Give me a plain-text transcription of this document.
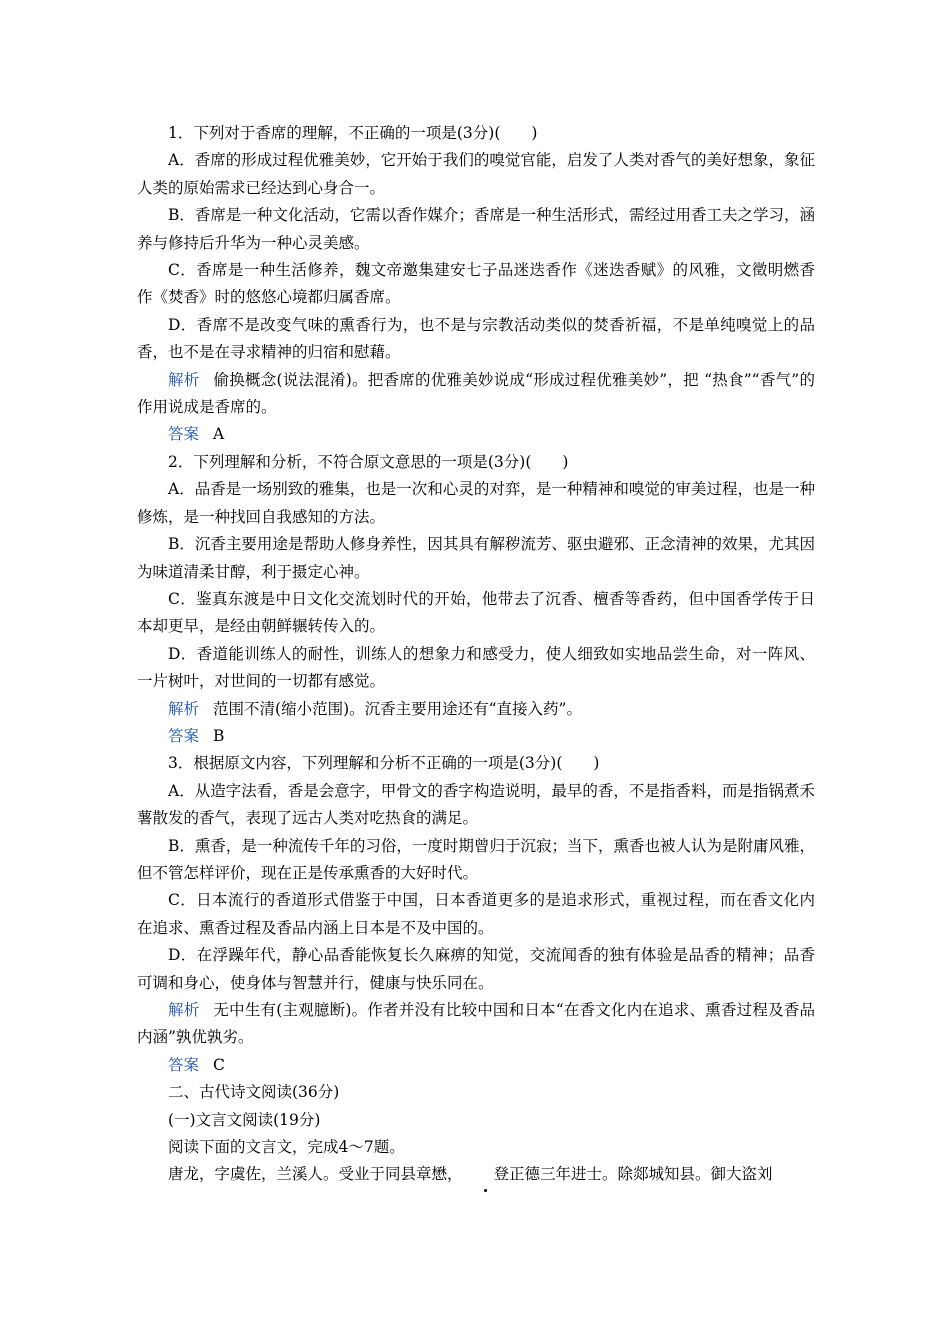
1．下列对于香席的理解，不正确的一项是(3分)(　　)

A．香席的形成过程优雅美妙，它开始于我们的嗅觉官能，启发了人类对香气的美好想象，象征人类的原始需求已经达到心身合一。

B．香席是一种文化活动，它需以香作媒介；香席是一种生活形式，需经过用香工夫之学习，涵养与修持后升华为一种心灵美感。

C．香席是一种生活修养，魏文帝邀集建安七子品迷迭香作《迷迭香赋》的风雅，文徵明燃香作《焚香》时的悠悠心境都归属香席。

D．香席不是改变气味的熏香行为，也不是与宗教活动类似的焚香祈福，不是单纯嗅觉上的品香，也不是在寻求精神的归宿和慰藉。

解析 偷换概念(说法混淆)。把香席的优雅美妙说成“形成过程优雅美妙”，把 “热食”“香气”的作用说成是香席的。

答案 A

2．下列理解和分析，不符合原文意思的一项是(3分)(　　)

A．品香是一场别致的雅集，也是一次和心灵的对弈，是一种精神和嗅觉的审美过程，也是一种修炼，是一种找回自我感知的方法。

B．沉香主要用途是帮助人修身养性，因其具有解秽流芳、驱虫避邪、正念清神的效果，尤其因为味道清柔甘醇，利于摄定心神。

C．鉴真东渡是中日文化交流划时代的开始，他带去了沉香、檀香等香药，但中国香学传于日本却更早，是经由朝鲜辗转传入的。

D．香道能训练人的耐性，训练人的想象力和感受力，使人细致如实地品尝生命，对一阵风、一片树叶，对世间的一切都有感觉。

解析 范围不清(缩小范围)。沉香主要用途还有“直接入药”。

答案 B

3．根据原文内容，下列理解和分析不正确的一项是(3分)(　　)

A．从造字法看，香是会意字，甲骨文的香字构造说明，最早的香，不是指香料，而是指锅煮禾薯散发的香气，表现了远古人类对吃热食的满足。

B．熏香，是一种流传千年的习俗，一度时期曾归于沉寂；当下，熏香也被人认为是附庸风雅，但不管怎样评价，现在正是传承熏香的大好时代。

C．日本流行的香道形式借鉴于中国，日本香道更多的是追求形式，重视过程，而在香文化内在追求、熏香过程及香品内涵上日本是不及中国的。

D．在浮躁年代，静心品香能恢复长久麻痹的知觉，交流闻香的独有体验是品香的精神；品香可调和身心，使身体与智慧并行，健康与快乐同在。

解析 无中生有(主观臆断)。作者并没有比较中国和日本“在香文化内在追求、熏香过程及香品内涵”孰优孰劣。

答案 C

二、古代诗文阅读(36分)

(一)文言文阅读(19分)

阅读下面的文言文，完成4～7题。

唐龙，字虞佐，兰溪人。受业于同县章懋， 登正德三年进士。除郯城知县。御大盗刘
